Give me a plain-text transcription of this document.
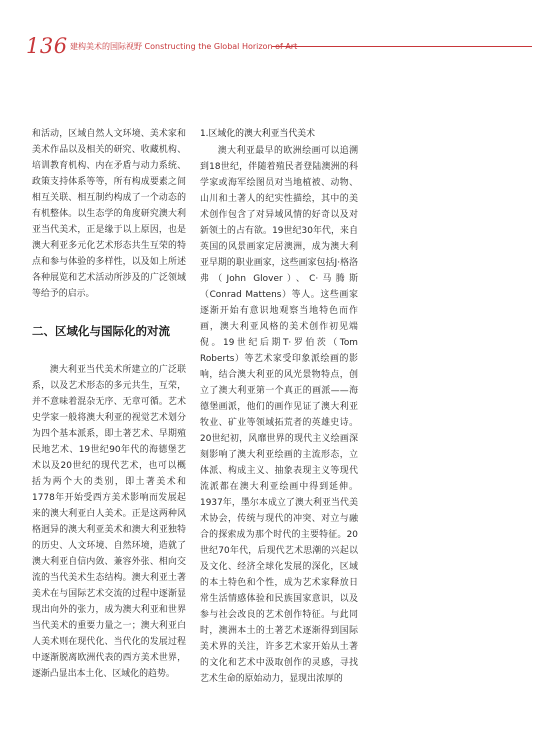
136 建构美术的国际视野 Constructing the Global Horizon of Art

和活动，区域自然人文环境、美术家和美术作品以及相关的研究、收藏机构、培训教育机构、内在矛盾与动力系统、政策支持体系等等，所有构成要素之间相互关联、相互制约构成了一个动态的有机整体。以生态学的角度研究澳大利亚当代美术，正是缘于以上原因，也是澳大利亚多元化艺术形态共生互荣的特点和参与体验的多样性，以及如上所述各种展览和艺术活动所涉及的广泛领域等给予的启示。

二、区域化与国际化的对流

澳大利亚当代美术所建立的广泛联系，以及艺术形态的多元共生，互荣，并不意味着混杂无序、无章可循。艺术史学家一般将澳大利亚的视觉艺术划分为四个基本派系，即土著艺术、早期殖民地艺术、19世纪90年代的海德堡艺术以及20世纪的现代艺术，也可以概括为两个大的类别，即土著美术和1778年开始受西方美术影响而发展起来的澳大利亚白人美术。正是这两种风格迥异的澳大利亚美术和澳大利亚独特的历史、人文环境、自然环境，造就了澳大利亚自信内敛、兼容外张、相向交流的当代美术生态结构。澳大利亚土著美术在与国际艺术交流的过程中逐渐显现出向外的张力，成为澳大利亚和世界当代美术的重要力量之一；澳大利亚白人美术则在现代化、当代化的发展过程中逐渐脱离欧洲代表的西方美术世界，逐渐凸显出本土化、区域化的趋势。

1.区域化的澳大利亚当代美术

澳大利亚最早的欧洲绘画可以追溯到18世纪，伴随着殖民者登陆澳洲的科学家或海军绘图员对当地植被、动物、山川和土著人的纪实性描绘，其中的美术创作包含了对异域风情的好奇以及对新领土的占有欲。19世纪30年代，来自英国的风景画家定居澳洲，成为澳大利亚早期的职业画家，这些画家包括J·格洛弗（John Glover）、C·马腾斯（Conrad Mattens）等人。这些画家逐渐开始有意识地观察当地特色而作画，澳大利亚风格的美术创作初见端倪。19世纪后期T·罗伯茨（Tom Roberts）等艺术家受印象派绘画的影响，结合澳大利亚的风光景物特点，创立了澳大利亚第一个真正的画派——海德堡画派，他们的画作见证了澳大利亚牧业、矿业等领域拓荒者的英雄史诗。20世纪初，风靡世界的现代主义绘画深刻影响了澳大利亚绘画的主流形态，立体派、构成主义、抽象表现主义等现代流派都在澳大利亚绘画中得到延伸。1937年，墨尔本成立了澳大利亚当代美术协会，传统与现代的冲突、对立与融合的探索成为那个时代的主要特征。20世纪70年代，后现代艺术思潮的兴起以及文化、经济全球化发展的深化，区域的本土特色和个性，成为艺术家释放日常生活情感体验和民族国家意识，以及参与社会改良的艺术创作特征。与此同时，澳洲本土的土著艺术逐渐得到国际美术界的关注，许多艺术家开始从土著的文化和艺术中汲取创作的灵感，寻找艺术生命的原始动力，显现出浓厚的
